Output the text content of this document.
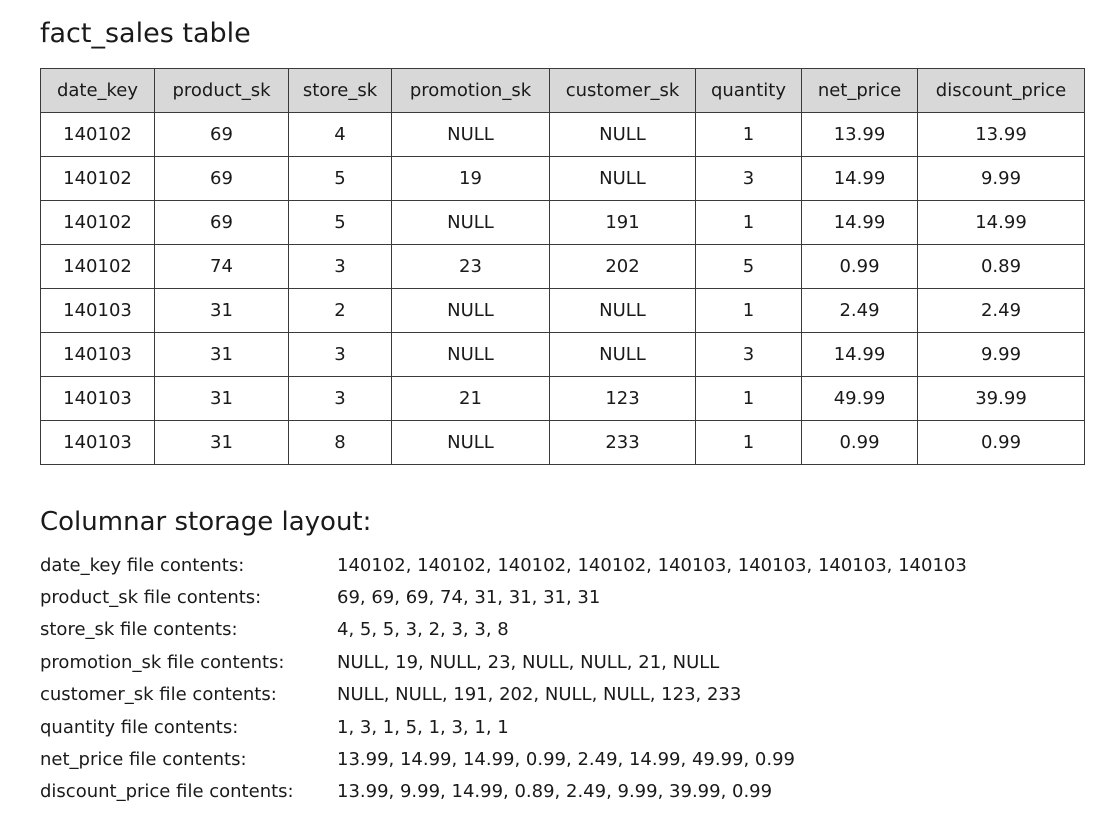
fact_sales table
date_key	product_sk	store_sk	promotion_sk	customer_sk	quantity	net_price	discount_price
140102	69	4	NULL	NULL	1	13.99	13.99
140102	69	5	19	NULL	3	14.99	9.99
140102	69	5	NULL	191	1	14.99	14.99
140102	74	3	23	202	5	0.99	0.89
140103	31	2	NULL	NULL	1	2.49	2.49
140103	31	3	NULL	NULL	3	14.99	9.99
140103	31	3	21	123	1	49.99	39.99
140103	31	8	NULL	233	1	0.99	0.99
Columnar storage layout:
date_key file contents:	140102, 140102, 140102, 140102, 140103, 140103, 140103, 140103
product_sk file contents:	69, 69, 69, 74, 31, 31, 31, 31
store_sk file contents:	4, 5, 5, 3, 2, 3, 3, 8
promotion_sk file contents:	NULL, 19, NULL, 23, NULL, NULL, 21, NULL
customer_sk file contents:	NULL, NULL, 191, 202, NULL, NULL, 123, 233
quantity file contents:	1, 3, 1, 5, 1, 3, 1, 1
net_price file contents:	13.99, 14.99, 14.99, 0.99, 2.49, 14.99, 49.99, 0.99
discount_price file contents:	13.99, 9.99, 14.99, 0.89, 2.49, 9.99, 39.99, 0.99
